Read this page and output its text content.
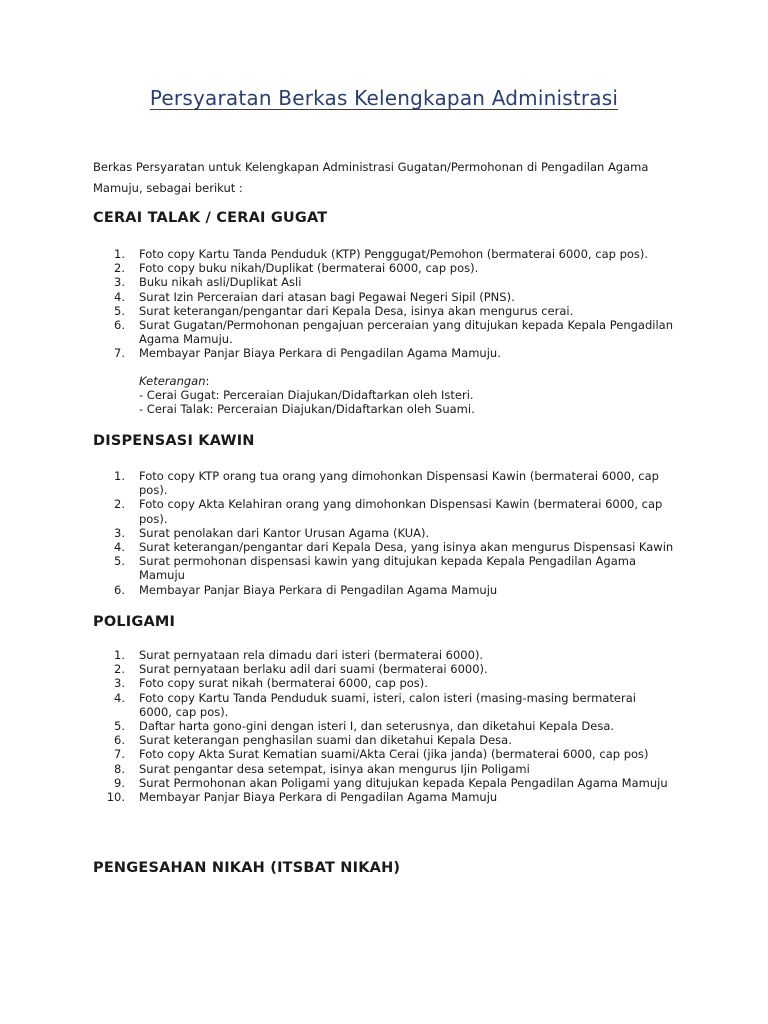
Persyaratan Berkas Kelengkapan Administrasi

Berkas Persyaratan untuk Kelengkapan Administrasi Gugatan/Permohonan di Pengadilan Agama Mamuju, sebagai berikut :

CERAI TALAK / CERAI GUGAT
1.	Foto copy Kartu Tanda Penduduk (KTP) Penggugat/Pemohon (bermaterai 6000, cap pos).
2.	Foto copy buku nikah/Duplikat (bermaterai 6000, cap pos).
3.	Buku nikah asli/Duplikat Asli
4.	Surat Izin Perceraian dari atasan bagi Pegawai Negeri Sipil (PNS).
5.	Surat keterangan/pengantar dari Kepala Desa, isinya akan mengurus cerai.
6.	Surat Gugatan/Permohonan pengajuan perceraian yang ditujukan kepada Kepala Pengadilan Agama Mamuju.
7.	Membayar Panjar Biaya Perkara di Pengadilan Agama Mamuju.
Keterangan:
- Cerai Gugat: Perceraian Diajukan/Didaftarkan oleh Isteri.
- Cerai Talak: Perceraian Diajukan/Didaftarkan oleh Suami.
DISPENSASI KAWIN
1.	Foto copy KTP orang tua orang yang dimohonkan Dispensasi Kawin (bermaterai 6000, cap pos).
2.	Foto copy Akta Kelahiran orang yang dimohonkan Dispensasi Kawin (bermaterai 6000, cap pos).
3.	Surat penolakan dari Kantor Urusan Agama (KUA).
4.	Surat keterangan/pengantar dari Kepala Desa, yang isinya akan mengurus Dispensasi Kawin
5.	Surat permohonan dispensasi kawin yang ditujukan kepada Kepala Pengadilan Agama Mamuju
6.	Membayar Panjar Biaya Perkara di Pengadilan Agama Mamuju
POLIGAMI
1.	Surat pernyataan rela dimadu dari isteri (bermaterai 6000).
2.	Surat pernyataan berlaku adil dari suami (bermaterai 6000).
3.	Foto copy surat nikah (bermaterai 6000, cap pos).
4.	Foto copy Kartu Tanda Penduduk suami, isteri, calon isteri (masing-masing bermaterai 6000, cap pos).
5.	Daftar harta gono-gini dengan isteri I, dan seterusnya, dan diketahui Kepala Desa.
6.	Surat keterangan penghasilan suami dan diketahui Kepala Desa.
7.	Foto copy Akta Surat Kematian suami/Akta Cerai (jika janda) (bermaterai 6000, cap pos)
8.	Surat pengantar desa setempat, isinya akan mengurus Ijin Poligami
9.	Surat Permohonan akan Poligami yang ditujukan kepada Kepala Pengadilan Agama Mamuju
10.	Membayar Panjar Biaya Perkara di Pengadilan Agama Mamuju
PENGESAHAN NIKAH (ITSBAT NIKAH)
